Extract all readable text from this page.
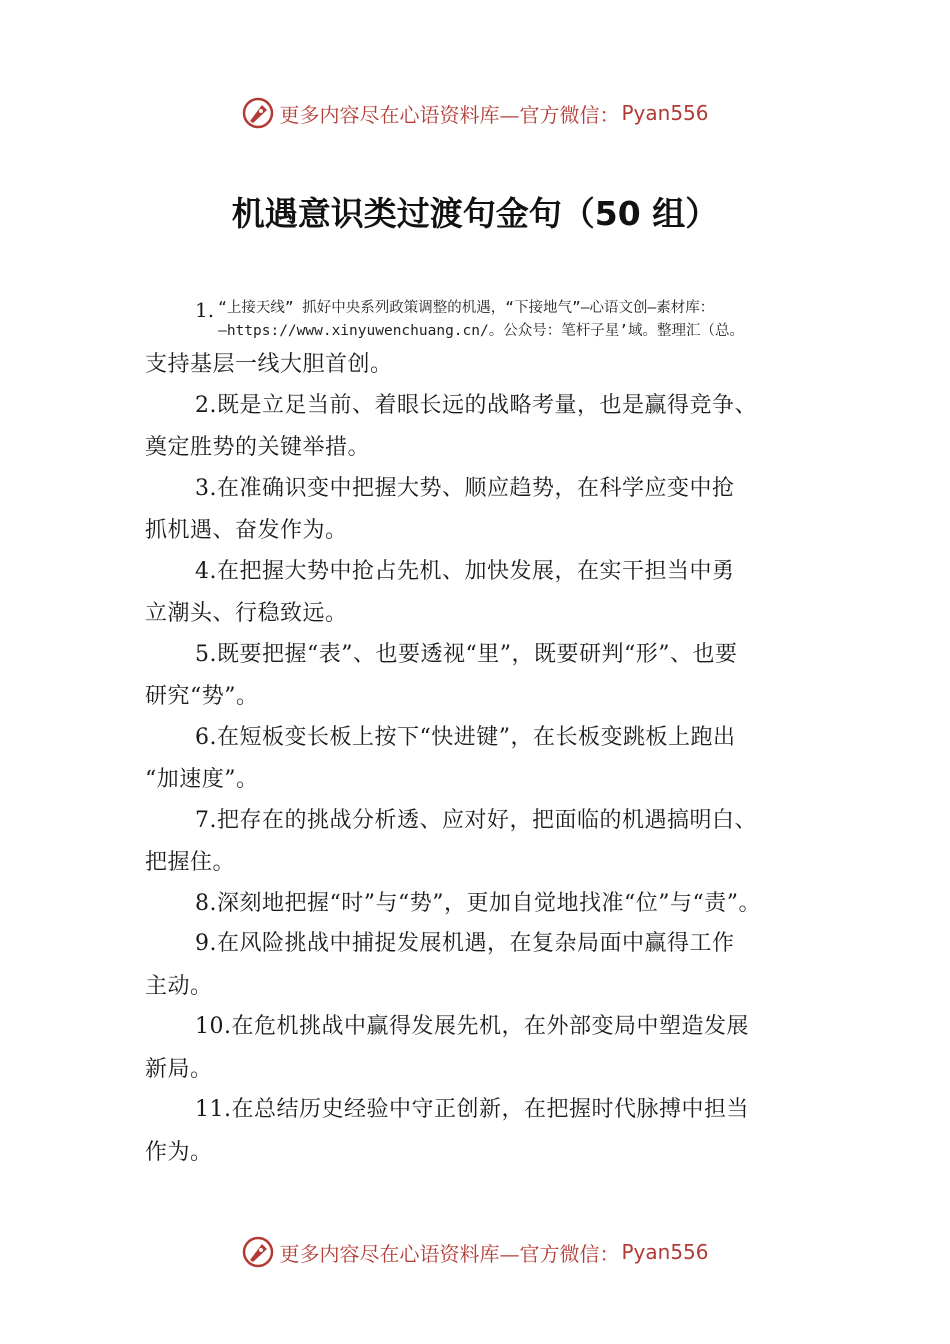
更多内容尽在心语资料库—官方微信： Pyan556
机遇意识类过渡句金句（50 组）
1. “上接天线” 抓好中央系列政策调整的机遇，“下接地气”—心语文创—素材库：
—https://www.xinyuwenchuang.cn/。公众号：笔杆子星’域。整理汇（总。

支持基层一线大胆首创。

2.既是立足当前、着眼长远的战略考量，也是赢得竞争、

奠定胜势的关键举措。

3.在准确识变中把握大势、顺应趋势，在科学应变中抢

抓机遇、奋发作为。

4.在把握大势中抢占先机、加快发展，在实干担当中勇

立潮头、行稳致远。

5.既要把握“表”、也要透视“里”，既要研判“形”、也要

研究“势”。

6.在短板变长板上按下“快进键”，在长板变跳板上跑出

“加速度”。

7.把存在的挑战分析透、应对好，把面临的机遇搞明白、

把握住。

8.深刻地把握“时”与“势”，更加自觉地找准“位”与“责”。

9.在风险挑战中捕捉发展机遇，在复杂局面中赢得工作

主动。

10.在危机挑战中赢得发展先机，在外部变局中塑造发展

新局。

11.在总结历史经验中守正创新，在把握时代脉搏中担当

作为。

更多内容尽在心语资料库—官方微信： Pyan556
